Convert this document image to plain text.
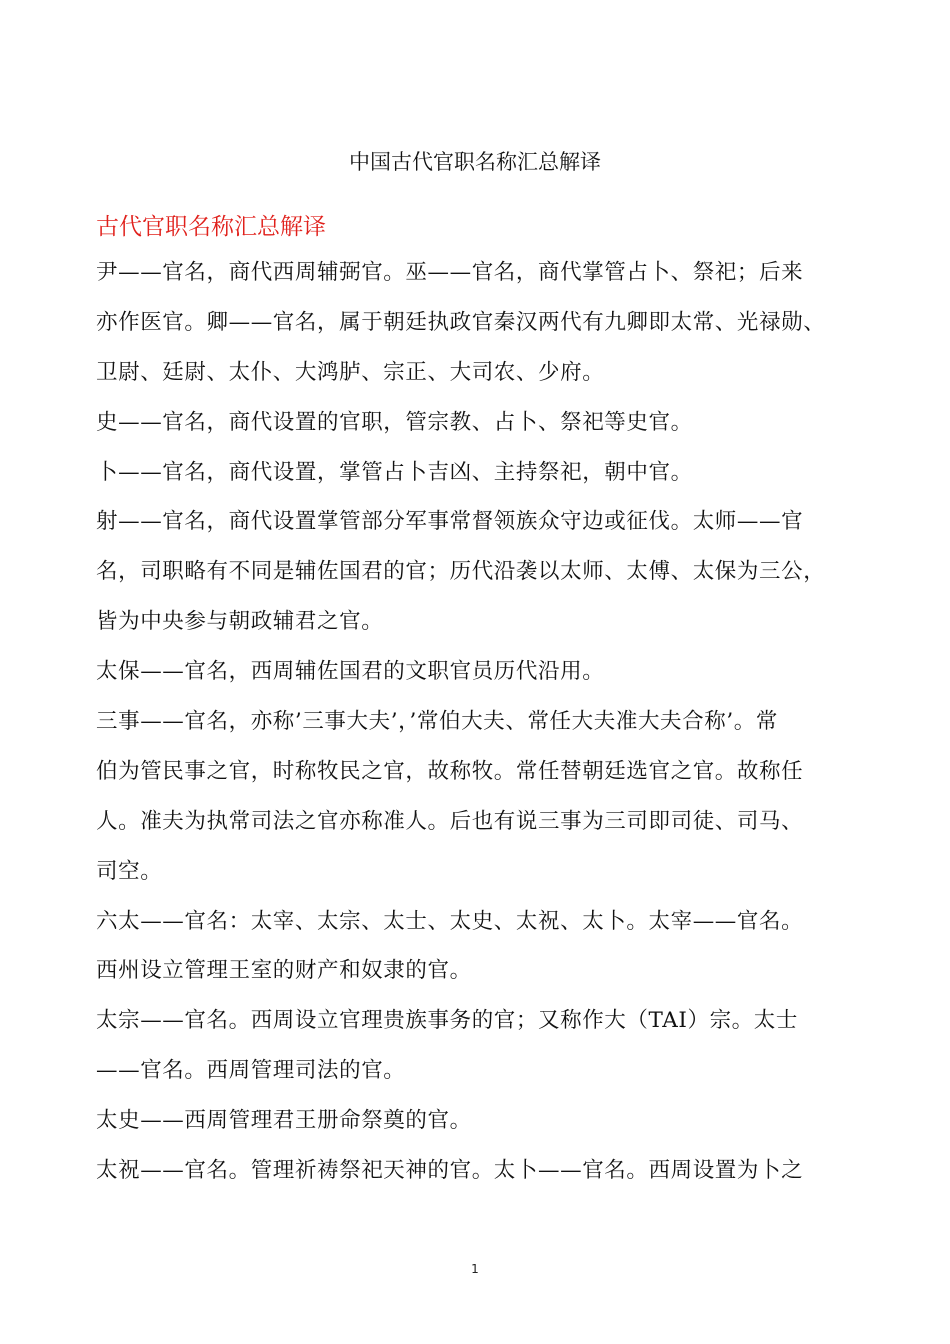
中国古代官职名称汇总解译
古代官职名称汇总解译
尹——官名，商代西周辅弼官。巫——官名，商代掌管占卜、祭祀；后来
亦作医官。卿——官名，属于朝廷执政官秦汉两代有九卿即太常、光禄勋、
卫尉、廷尉、太仆、大鸿胪、宗正、大司农、少府。
史——官名，商代设置的官职，管宗教、占卜、祭祀等史官。
卜——官名，商代设置，掌管占卜吉凶、主持祭祀，朝中官。
射——官名，商代设置掌管部分军事常督领族众守边或征伐。太师——官
名，司职略有不同是辅佐国君的官；历代沿袭以太师、太傅、太保为三公，
皆为中央参与朝政辅君之官。
太保——官名，西周辅佐国君的文职官员历代沿用。
三事——官名，亦称’三事大夫’，’常伯大夫、常任大夫准大夫合称’。常
伯为管民事之官，时称牧民之官，故称牧。常任替朝廷选官之官。故称任
人。准夫为执常司法之官亦称准人。后也有说三事为三司即司徒、司马、
司空。
六太——官名：太宰、太宗、太士、太史、太祝、太卜。太宰——官名。
西州设立管理王室的财产和奴隶的官。
太宗——官名。西周设立官理贵族事务的官；又称作大（TAI）宗。太士
——官名。西周管理司法的官。
太史——西周管理君王册命祭奠的官。
太祝——官名。管理祈祷祭祀天神的官。太卜——官名。西周设置为卜之
1
